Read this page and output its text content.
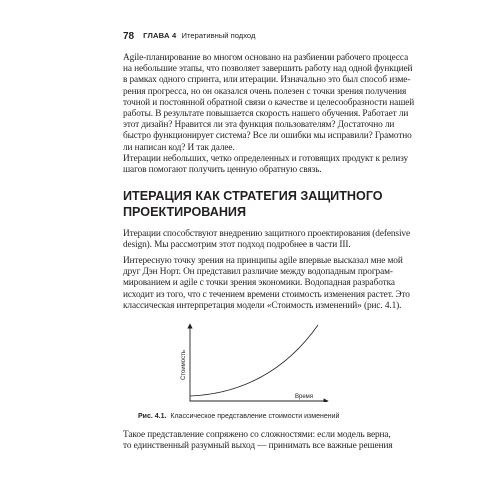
78 ГЛАВА 4 Итеративный подход
Agile-планирование во многом основано на разбиении рабочего процесса
на небольшие этапы, что позволяет завершить работу над одной функцией
в рамках одного спринта, или итерации. Изначально это был способ изме-
рения прогресса, но он оказался очень полезен с точки зрения получения
точной и постоянной обратной связи о качестве и целесообразности нашей
работы. В результате повышается скорость нашего обучения. Работает ли
этот дизайн? Нравится ли эта функция пользователям? Достаточно ли
быстро функционирует система? Все ли ошибки мы исправили? Грамотно
ли написан код? И так далее.
Итерации небольших, четко определенных и готовящих продукт к релизу
шагов помогают получить ценную обратную связь.
ИТЕРАЦИЯ КАК СТРАТЕГИЯ ЗАЩИТНОГО
ПРОЕКТИРОВАНИЯ
Итерации способствуют внедрению защитного проектирования (defensive
design). Мы рассмотрим этот подход подробнее в части III.
Интересную точку зрения на принципы agile впервые высказал мне мой
друг Дэн Норт. Он представил различие между водопадным програм-
мированием и agile с точки зрения экономики. Водопадная разработка
исходит из того, что с течением времени стоимость изменения растет. Это
классическая интерпретация модели «Стоимость изменений» (рис. 4.1).
Стоимость
Время
Рис. 4.1. Классическое представление стоимости изменений
Такое представление сопряжено со сложностями: если модель верна,
то единственный разумный выход — принимать все важные решения
